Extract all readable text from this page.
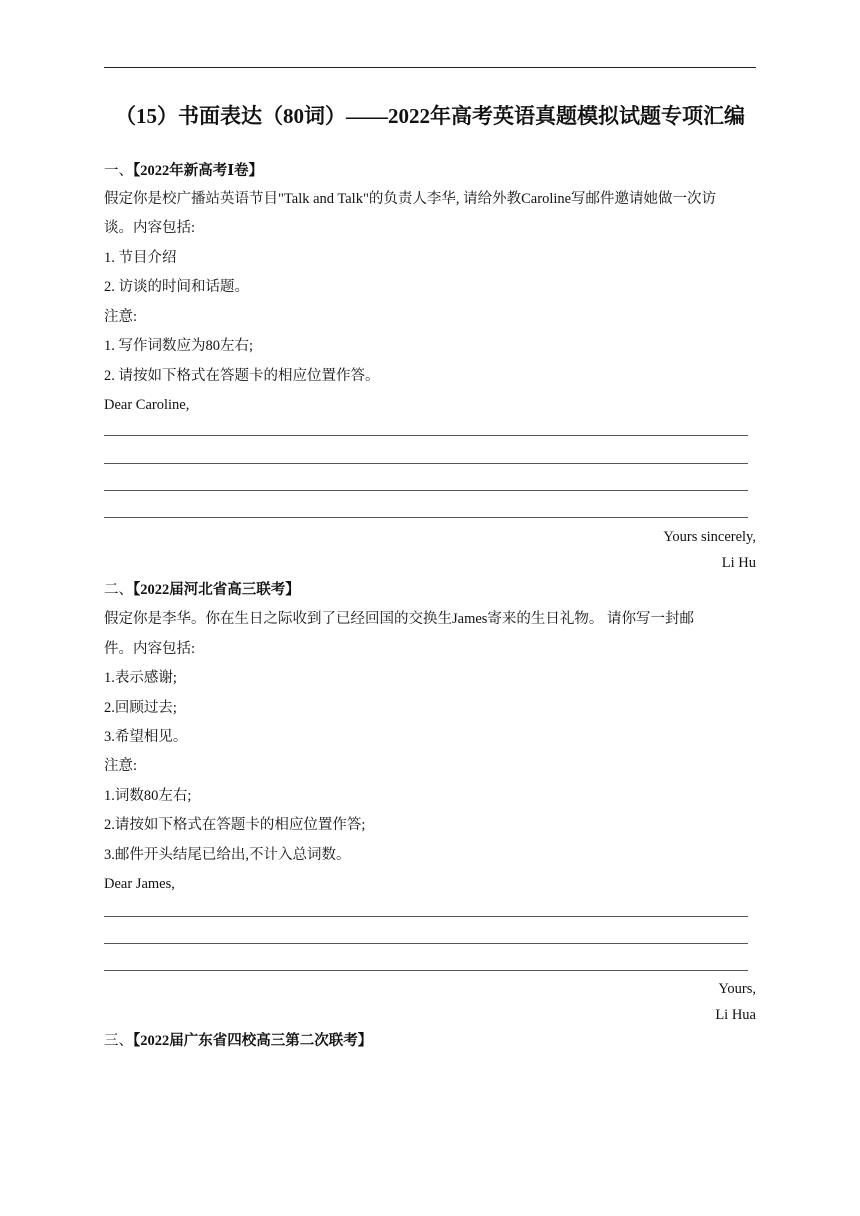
（15）书面表达（80词）——2022年高考英语真题模拟试题专项汇编
一、【2022年新高考Ⅰ卷】
假定你是校广播站英语节目"Talk and Talk"的负责人李华, 请给外教Caroline写邮件邀请她做一次访
谈。内容包括:
1. 节目介绍
2. 访谈的时间和话题。
注意:
1. 写作词数应为80左右;
2. 请按如下格式在答题卡的相应位置作答。
Dear Caroline,
Yours sincerely,
Li Hu
二、【2022届河北省高三联考】
假定你是李华。你在生日之际收到了已经回国的交换生James寄来的生日礼物。 请你写一封邮
件。内容包括:
1.表示感谢;
2.回顾过去;
3.希望相见。
注意:
1.词数80左右;
2.请按如下格式在答题卡的相应位置作答;
3.邮件开头结尾已给出,不计入总词数。
Dear James,
Yours,
Li Hua
三、【2022届广东省四校高三第二次联考】
